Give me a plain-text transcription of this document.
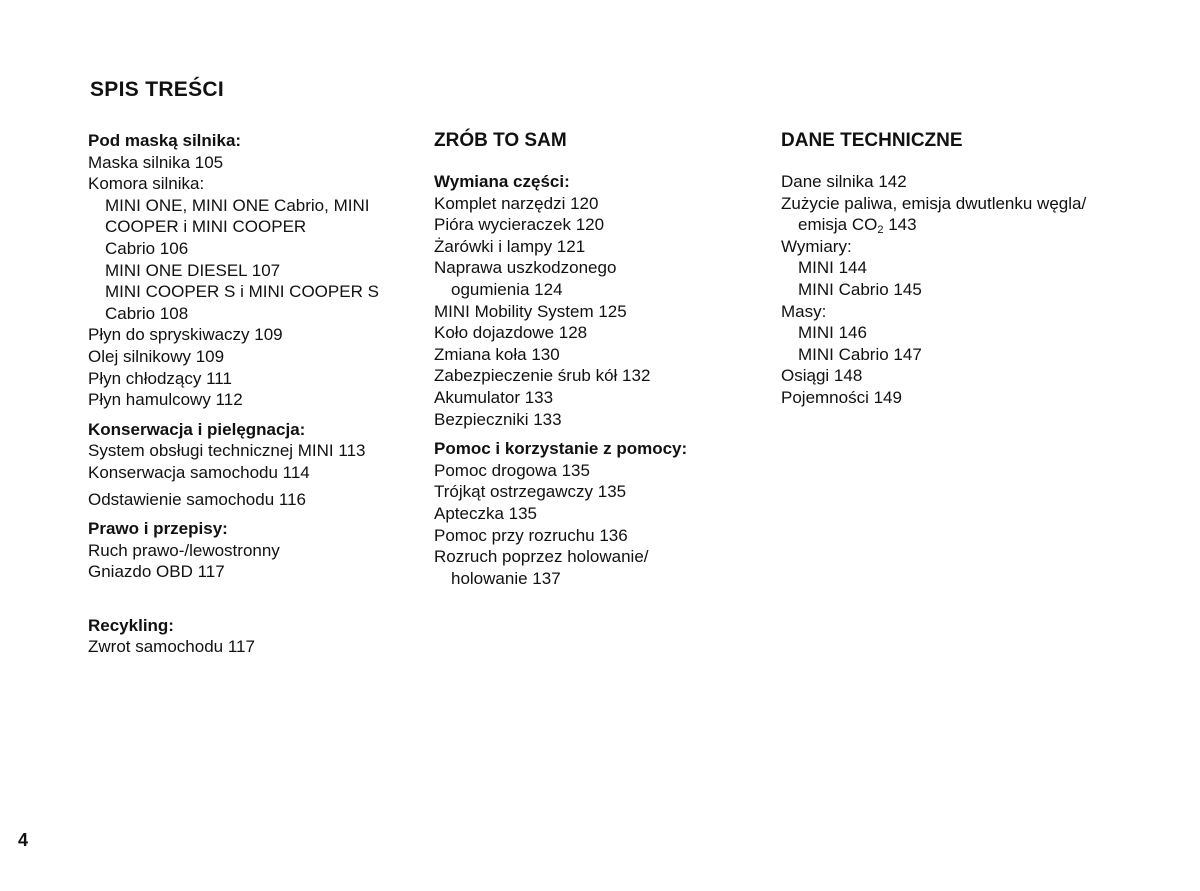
SPIS TREŚCI
Pod maską silnika:
Maska silnika 105
Komora silnika:
MINI ONE, MINI ONE Cabrio, MINI
COOPER i MINI COOPER
Cabrio 106
MINI ONE DIESEL 107
MINI COOPER S i MINI COOPER S
Cabrio 108
Płyn do spryskiwaczy 109
Olej silnikowy 109
Płyn chłodzący 111
Płyn hamulcowy 112
Konserwacja i pielęgnacja:
System obsługi technicznej MINI 113
Konserwacja samochodu 114
Odstawienie samochodu 116
Prawo i przepisy:
Ruch prawo-/lewostronny
Gniazdo OBD 117
Recykling:
Zwrot samochodu 117
ZRÓB TO SAM
Wymiana części:
Komplet narzędzi 120
Pióra wycieraczek 120
Żarówki i lampy 121
Naprawa uszkodzonego
ogumienia 124
MINI Mobility System 125
Koło dojazdowe 128
Zmiana koła 130
Zabezpieczenie śrub kół 132
Akumulator 133
Bezpieczniki 133
Pomoc i korzystanie z pomocy:
Pomoc drogowa 135
Trójkąt ostrzegawczy 135
Apteczka 135
Pomoc przy rozruchu 136
Rozruch poprzez holowanie/
holowanie 137
DANE TECHNICZNE
Dane silnika 142
Zużycie paliwa, emisja dwutlenku węgla/
emisja $CO_2$ 143
Wymiary:
MINI 144
MINI Cabrio 145
Masy:
MINI 146
MINI Cabrio 147
Osiągi 148
Pojemności 149
4
